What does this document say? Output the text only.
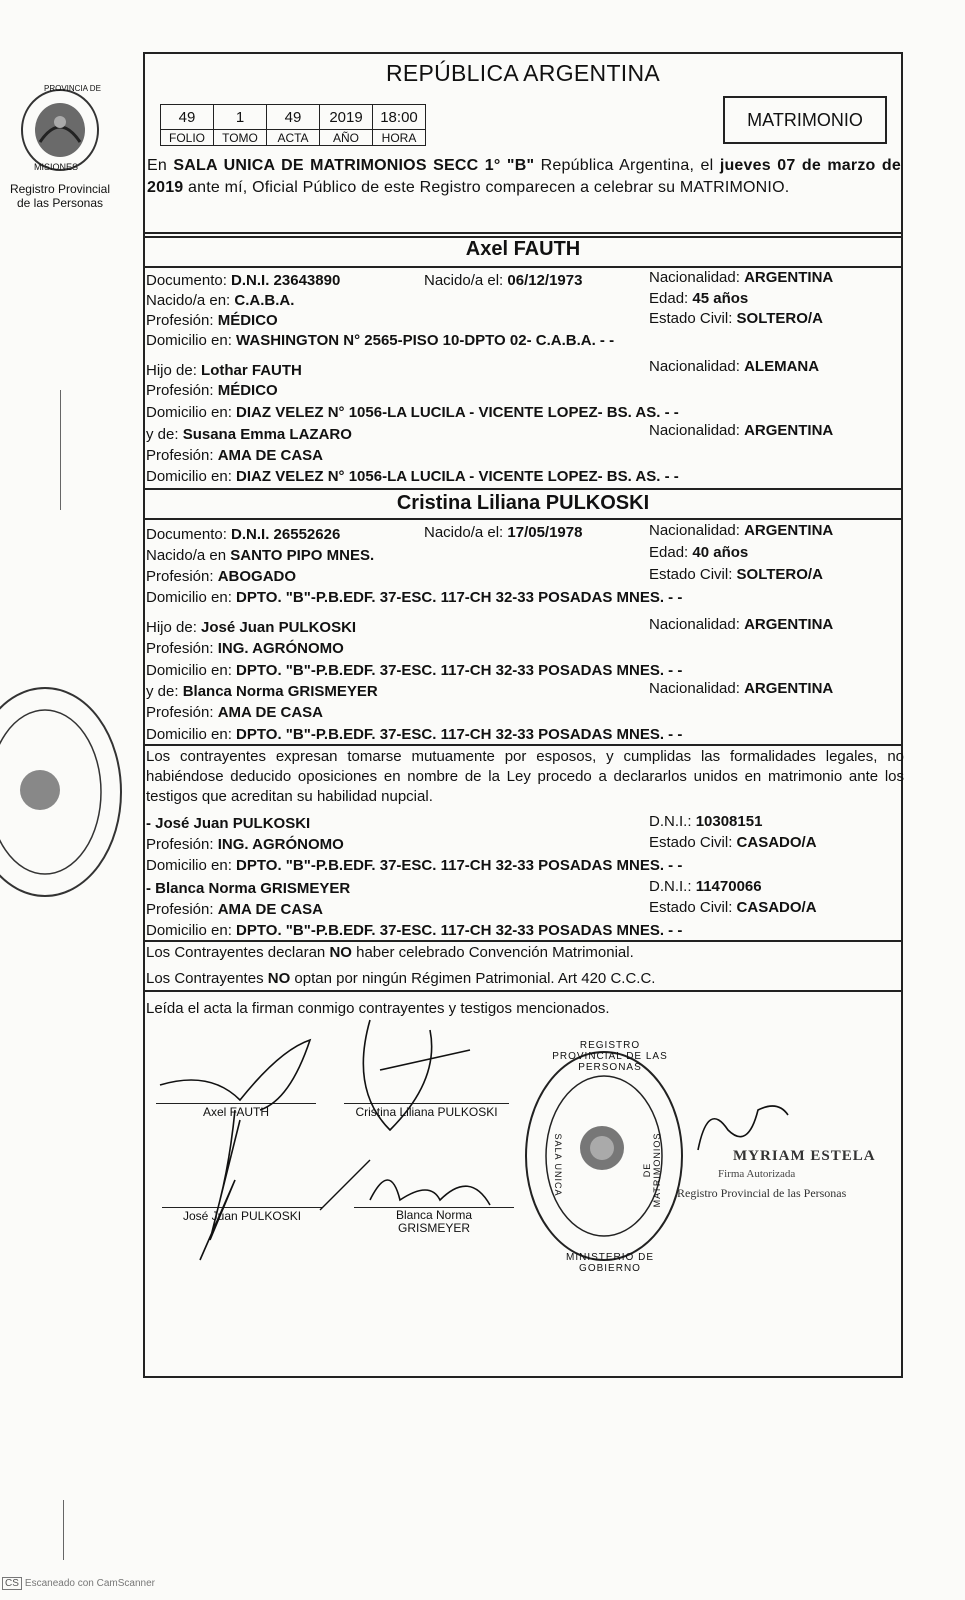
PROVINCIA DE
MISIONES
Registro Provincial
de las Personas
REPÚBLICA ARGENTINA
49	1	49	2019	18:00
FOLIO	TOMO	ACTA	AÑO	HORA
MATRIMONIO
En SALA UNICA DE MATRIMONIOS SECC 1° "B" República Argentina, el jueves 07 de marzo de 2019 ante mí, Oficial Público de este Registro comparecen a celebrar su MATRIMONIO.
Axel FAUTH
Documento: D.N.I. 23643890	Nacido/a el: 06/12/1973	Nacionalidad: ARGENTINA
Nacido/a en: C.A.B.A.	Edad: 45 años
Profesión: MÉDICO	Estado Civil: SOLTERO/A
Domicilio en: WASHINGTON N° 2565-PISO 10-DPTO 02- C.A.B.A. - -
Hijo de: Lothar FAUTH	Nacionalidad: ALEMANA
Profesión: MÉDICO
Domicilio en: DIAZ VELEZ N° 1056-LA LUCILA - VICENTE LOPEZ- BS. AS. - -
y de: Susana Emma LAZARO	Nacionalidad: ARGENTINA
Profesión: AMA DE CASA
Domicilio en: DIAZ VELEZ N° 1056-LA LUCILA - VICENTE LOPEZ- BS. AS. - -
Cristina Liliana PULKOSKI
Documento: D.N.I. 26552626	Nacido/a el: 17/05/1978	Nacionalidad: ARGENTINA
Nacido/a en SANTO PIPO MNES.	Edad: 40 años
Profesión: ABOGADO	Estado Civil: SOLTERO/A
Domicilio en: DPTO. "B"-P.B.EDF. 37-ESC. 117-CH 32-33 POSADAS MNES. - -
Hijo de: José Juan PULKOSKI	Nacionalidad: ARGENTINA
Profesión: ING. AGRÓNOMO
Domicilio en: DPTO. "B"-P.B.EDF. 37-ESC. 117-CH 32-33 POSADAS MNES. - -
y de: Blanca Norma GRISMEYER	Nacionalidad: ARGENTINA
Profesión: AMA DE CASA
Domicilio en: DPTO. "B"-P.B.EDF. 37-ESC. 117-CH 32-33 POSADAS MNES. - -
Los contrayentes expresan tomarse mutuamente por esposos, y cumplidas las formalidades legales, no habiéndose deducido oposiciones en nombre de la Ley procedo a declararlos unidos en matrimonio ante los testigos que acreditan su habilidad nupcial.
- José Juan PULKOSKI	D.N.I.: 10308151
Profesión: ING. AGRÓNOMO	Estado Civil: CASADO/A
Domicilio en: DPTO. "B"-P.B.EDF. 37-ESC. 117-CH 32-33 POSADAS MNES. - -
- Blanca Norma GRISMEYER	D.N.I.: 11470066
Profesión: AMA DE CASA	Estado Civil: CASADO/A
Domicilio en: DPTO. "B"-P.B.EDF. 37-ESC. 117-CH 32-33 POSADAS MNES. - -
Los Contrayentes declaran NO haber celebrado Convención Matrimonial.
Los Contrayentes NO optan por ningún Régimen Patrimonial. Art 420 C.C.C.
Leída el acta la firman conmigo contrayentes y testigos mencionados.
Axel FAUTH	Cristina Liliana PULKOSKI
José Juan PULKOSKI	Blanca Norma
GRISMEYER
REGISTRO PROVINCIAL DE LAS PERSONAS
MINISTERIO DE GOBIERNO
SALA UNICA	DE MATRIMONIOS	MYRIAM ESTELA
Firma Autorizada
Registro Provincial de las Personas
CS Escaneado con CamScanner
